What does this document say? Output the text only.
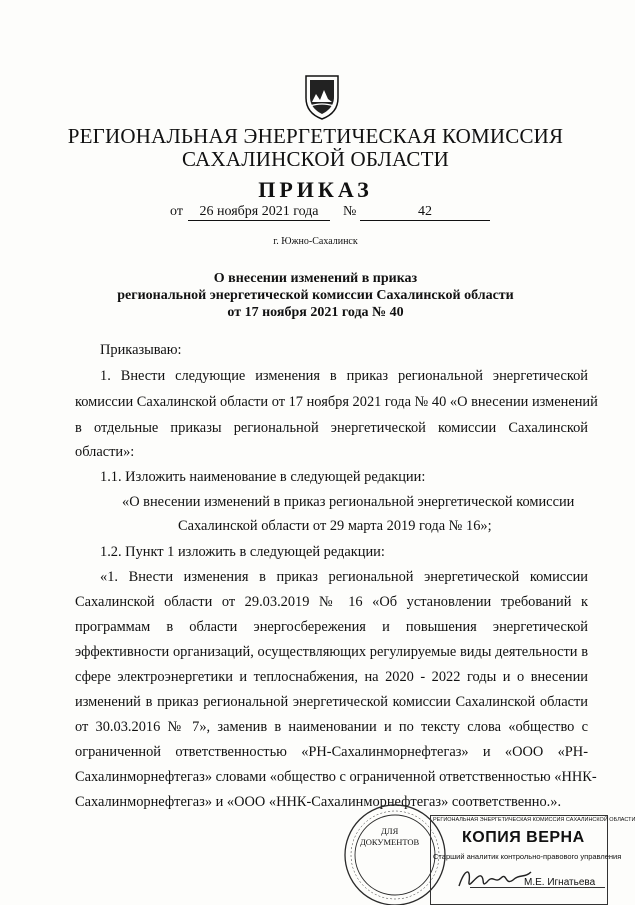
РЕГИОНАЛЬНАЯ ЭНЕРГЕТИЧЕСКАЯ КОМИССИЯ
САХАЛИНСКОЙ ОБЛАСТИ
ПРИКАЗ
от	26 ноября 2021 года	№	42
г. Южно-Сахалинск
О внесении изменений в приказ
региональной энергетической комиссии Сахалинской области
от 17 ноября 2021 года № 40
Приказываю:
1. Внести следующие изменения в приказ региональной энергетической
комиссии Сахалинской области от 17 ноября 2021 года № 40 «О внесении изменений
в отдельные приказы региональной энергетической комиссии Сахалинской
области»:
1.1. Изложить наименование в следующей редакции:
«О внесении изменений в приказ региональной энергетической комиссии
Сахалинской области от 29 марта 2019 года № 16»;
1.2. Пункт 1 изложить в следующей редакции:
«1. Внести изменения в приказ региональной энергетической комиссии
Сахалинской области от 29.03.2019 № 16 «Об установлении требований к
программам в области энергосбережения и повышения энергетической
эффективности организаций, осуществляющих регулируемые виды деятельности в
сфере электроэнергетики и теплоснабжения, на 2020 - 2022 годы и о внесении
изменений в приказ региональной энергетической комиссии Сахалинской области
от 30.03.2016 № 7», заменив в наименовании и по тексту слова «общество с
ограниченной ответственностью «РН-Сахалинморнефтегаз» и «ООО «РН-
Сахалинморнефтегаз» словами «общество с ограниченной ответственностью «ННК-
Сахалинморнефтегаз» и «ООО «ННК-Сахалинморнефтегаз» соответственно.».
ДЛЯ
ДОКУМЕНТОВ
РЕГИОНАЛЬНАЯ ЭНЕРГЕТИЧЕСКАЯ КОМИССИЯ САХАЛИНСКОЙ ОБЛАСТИ
КОПИЯ ВЕРНА
Старший аналитик контрольно-правового управления
М.Е. Игнатьева
